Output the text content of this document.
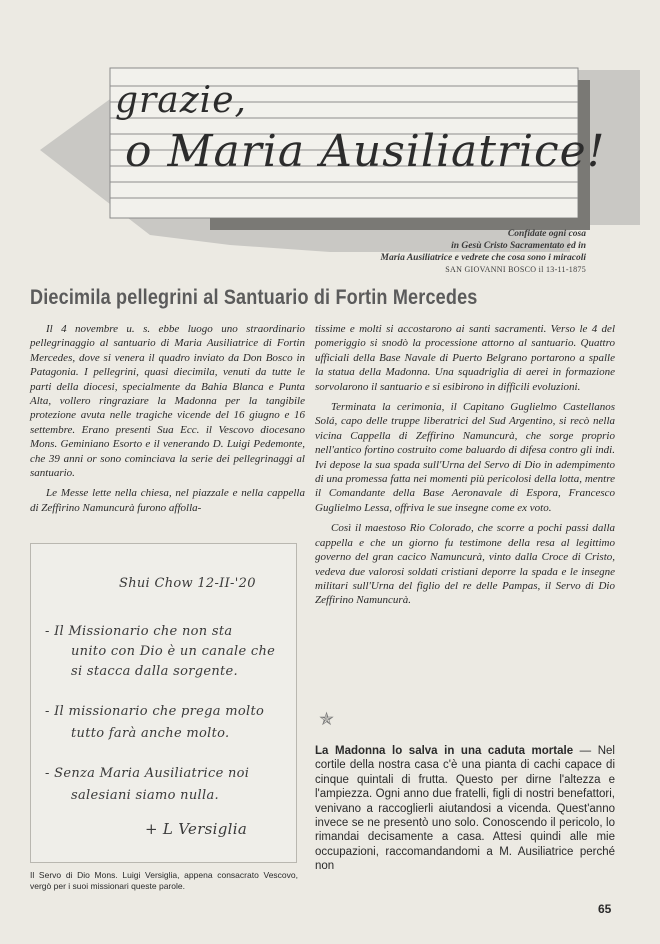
grazie,
o Maria Ausiliatrice!
Confidate ogni cosa
in Gesù Cristo Sacramentato ed in
Maria Ausiliatrice e vedrete che cosa sono i miracoli
SAN GIOVANNI BOSCO il 13-11-1875
Diecimila pellegrini al Santuario di Fortin Mercedes

Il 4 novembre u. s. ebbe luogo uno straordinario pellegrinaggio al santuario di Maria Ausiliatrice di Fortin Mercedes, dove si venera il quadro inviato da Don Bosco in Patagonia. I pellegrini, quasi diecimila, venuti da tutte le parti della diocesi, specialmente da Bahia Blanca e Punta Alta, vollero ringraziare la Madonna per la tangibile protezione avuta nelle tragiche vicende del 16 giugno e 16 settembre. Erano presenti Sua Ecc. il Vescovo diocesano Mons. Geminiano Esorto e il venerando D. Luigi Pedemonte, che 39 anni or sono cominciava la serie dei pellegrinaggi al santuario.

Le Messe lette nella chiesa, nel piazzale e nella cappella di Zeffirino Namuncurà furono affolla-

tissime e molti si accostarono ai santi sacramenti. Verso le 4 del pomeriggio si snodò la processione attorno al santuario. Quattro ufficiali della Base Navale di Puerto Belgrano portarono a spalle la statua della Madonna. Una squadriglia di aerei in formazione sorvolarono il santuario e si esibirono in difficili evoluzioni.

Terminata la cerimonia, il Capitano Guglielmo Castellanos Solá, capo delle truppe liberatrici del Sud Argentino, si recò nella vicina Cappella di Zeffirino Namuncurà, che sorge proprio nell'antico fortino costruito come baluardo di difesa contro gli indi. Ivi depose la sua spada sull'Urna del Servo di Dio in adempimento di una promessa fatta nei momenti più pericolosi della lotta, mentre il Comandante della Base Aeronavale di Espora, Francesco Guglielmo Lessa, offriva le sue insegne come ex voto.

Così il maestoso Rio Colorado, che scorre a pochi passi dalla cappella e che un giorno fu testimone della resa al legittimo governo del gran cacico Namuncurà, vinto dalla Croce di Cristo, vedeva due valorosi soldati cristiani deporre la spada e le insegne militari sull'Urna del figlio del re delle Pampas, il Servo di Dio Zeffirino Namuncurà.

Shui Chow 12-II-'20
- Il Missionario che non sta
unito con Dio è un canale che
si stacca dalla sorgente.
- Il missionario che prega molto
tutto farà anche molto.
- Senza Maria Ausiliatrice noi
salesiani siamo nulla.
+ L Versiglia
Il Servo di Dio Mons. Luigi Versiglia, appena consacrato Vescovo, vergò per i suoi missionari queste parole.
✯
La Madonna lo salva in una caduta mortale — Nel cortile della nostra casa c'è una pianta di cachi capace di cinque quintali di frutta. Questo per dirne l'altezza e l'ampiezza. Ogni anno due fratelli, figli di nostri benefattori, venivano a raccoglierli aiutandosi a vicenda. Quest'anno invece se ne presentò uno solo. Conoscendo il pericolo, lo rimandai decisamente a casa. Attesi quindi alle mie occupazioni, raccomandandomi a M. Ausiliatrice perché non
65
